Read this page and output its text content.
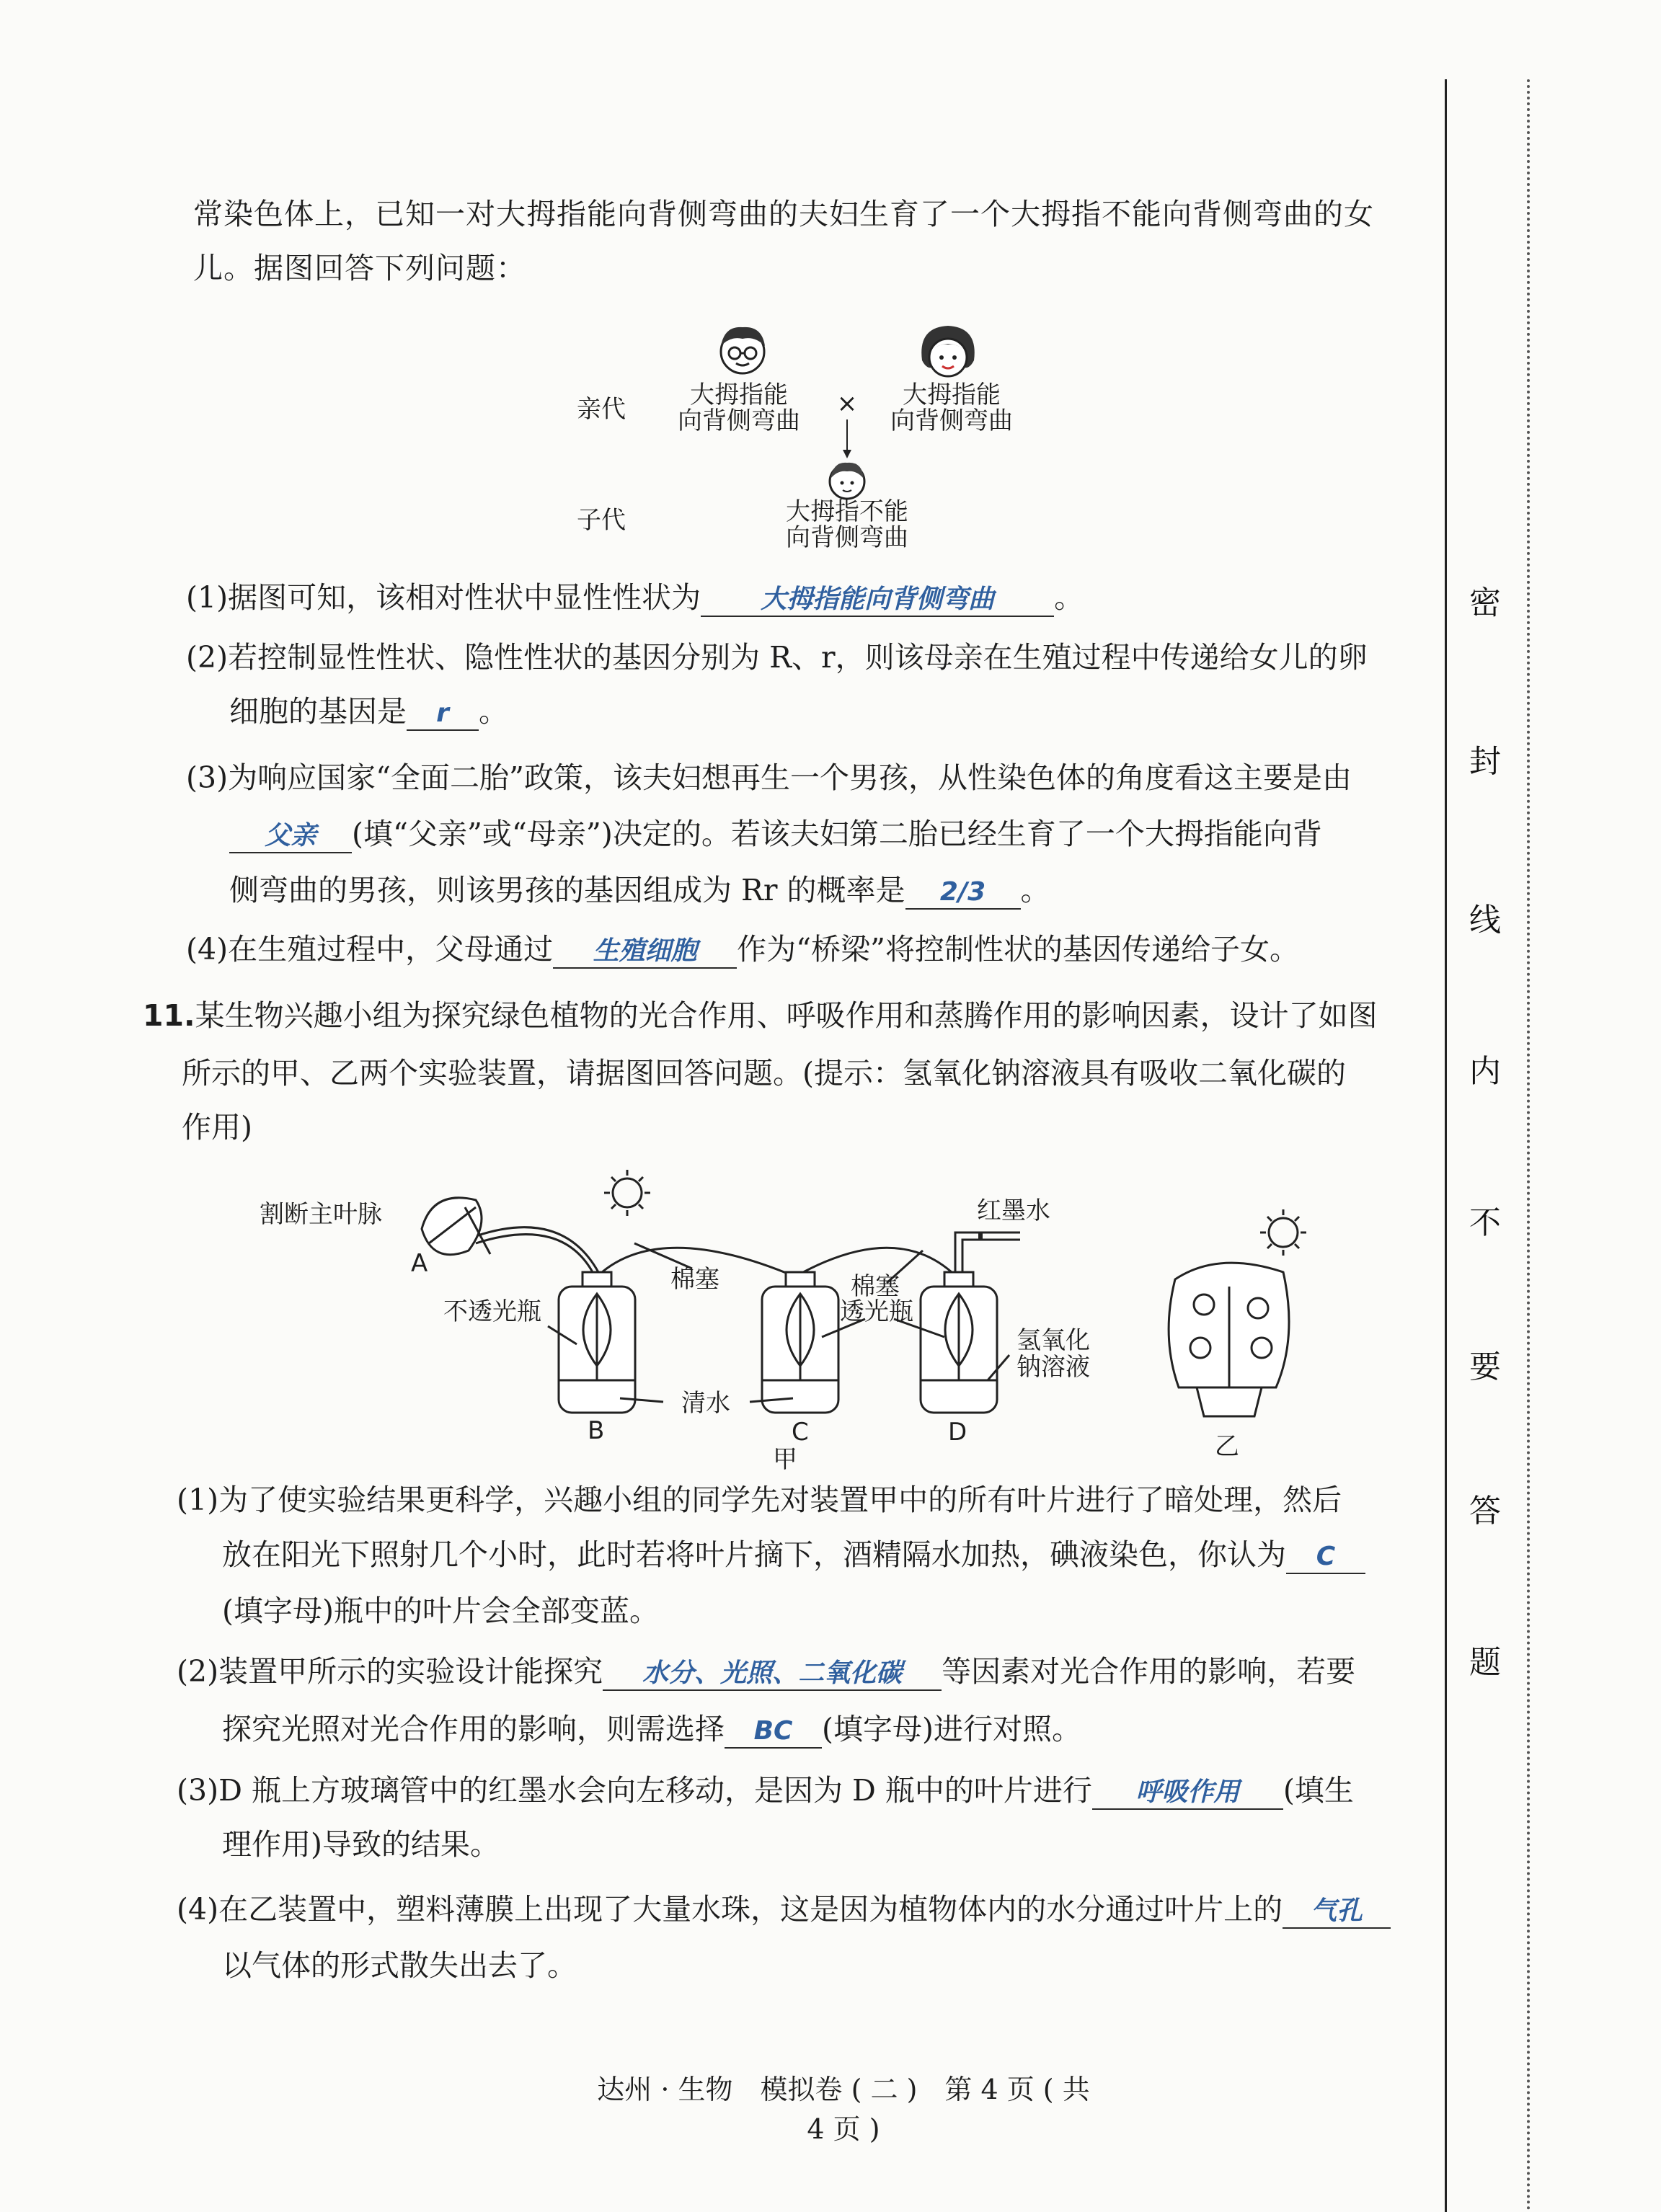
常染色体上，已知一对大拇指能向背侧弯曲的夫妇生育了一个大拇指不能向背侧弯曲的女
儿。据图回答下列问题：
亲代	大拇指能
向背侧弯曲
×	大拇指能
向背侧弯曲
子代	大拇指不能
向背侧弯曲
(1)据图可知，该相对性状中显性性状为 大拇指能向背侧弯曲 。
(2)若控制显性性状、隐性性状的基因分别为 R、r，则该母亲在生殖过程中传递给女儿的卵
细胞的基因是 r 。
(3)为响应国家“全面二胎”政策，该夫妇想再生一个男孩，从性染色体的角度看这主要是由
父亲 (填“父亲”或“母亲”)决定的。若该夫妇第二胎已经生育了一个大拇指能向背
侧弯曲的男孩，则该男孩的基因组成为 Rr 的概率是 2/3 。
(4)在生殖过程中，父母通过 生殖细胞 作为“桥梁”将控制性状的基因传递给子女。
11.某生物兴趣小组为探究绿色植物的光合作用、呼吸作用和蒸腾作用的影响因素，设计了如图
所示的甲、乙两个实验装置，请据图回答问题。(提示：氢氧化钠溶液具有吸收二氧化碳的
作用)
割断主叶脉
A
棉塞	棉塞
红墨水
不透光瓶	透光瓶
清水
氢氧化
钠溶液
B	C	D
甲	乙
(1)为了使实验结果更科学，兴趣小组的同学先对装置甲中的所有叶片进行了暗处理，然后
放在阳光下照射几个小时，此时若将叶片摘下，酒精隔水加热，碘液染色，你认为 C
(填字母)瓶中的叶片会全部变蓝。
(2)装置甲所示的实验设计能探究 水分、光照、二氧化碳 等因素对光合作用的影响，若要
探究光照对光合作用的影响，则需选择 BC (填字母)进行对照。
(3)D 瓶上方玻璃管中的红墨水会向左移动，是因为 D 瓶中的叶片进行 呼吸作用 (填生
理作用)导致的结果。
(4)在乙装置中，塑料薄膜上出现了大量水珠，这是因为植物体内的水分通过叶片上的 气孔
以气体的形式散失出去了。
达州 · 生物　模拟卷 ( 二 )　第 4 页 ( 共 4 页 )
密
封
线
内
不
要
答
题
